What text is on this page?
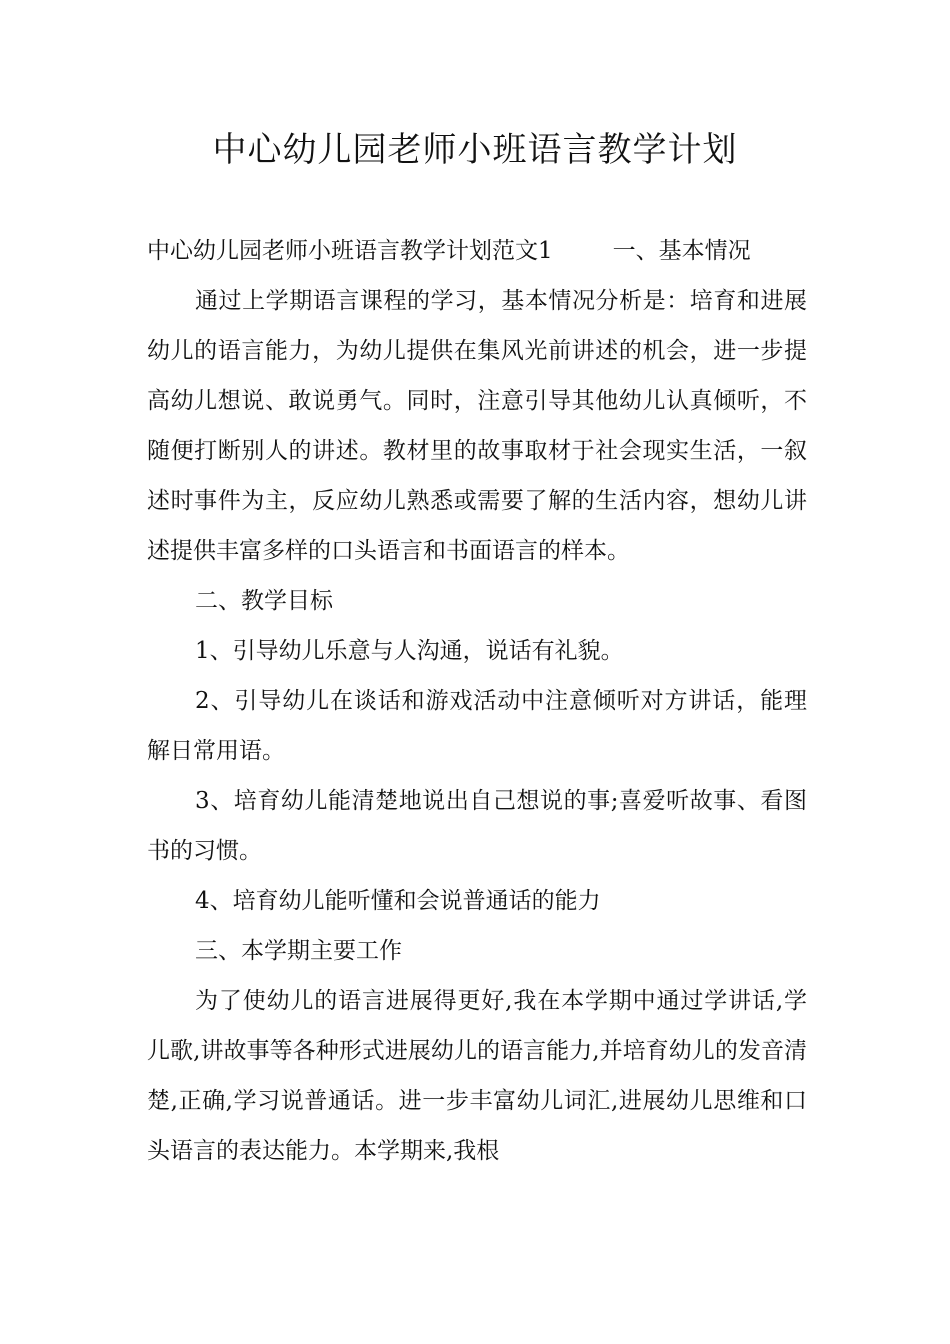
中心幼儿园老师小班语言教学计划

中心幼儿园老师小班语言教学计划范文1	一、基本情况

通过上学期语言课程的学习，基本情况分析是：培育和进展幼儿的语言能力，为幼儿提供在集风光前讲述的机会，进一步提高幼儿想说、敢说勇气。同时，注意引导其他幼儿认真倾听，不随便打断别人的讲述。教材里的故事取材于社会现实生活，一叙述时事件为主，反应幼儿熟悉或需要了解的生活内容，想幼儿讲述提供丰富多样的口头语言和书面语言的样本。

二、教学目标

1、引导幼儿乐意与人沟通，说话有礼貌。

2、引导幼儿在谈话和游戏活动中注意倾听对方讲话，能理解日常用语。

3、培育幼儿能清楚地说出自己想说的事;喜爱听故事、看图书的习惯。

4、培育幼儿能听懂和会说普通话的能力

三、本学期主要工作

为了使幼儿的语言进展得更好,我在本学期中通过学讲话,学儿歌,讲故事等各种形式进展幼儿的语言能力,并培育幼儿的发音清楚,正确,学习说普通话。进一步丰富幼儿词汇,进展幼儿思维和口头语言的表达能力。本学期来,我根
